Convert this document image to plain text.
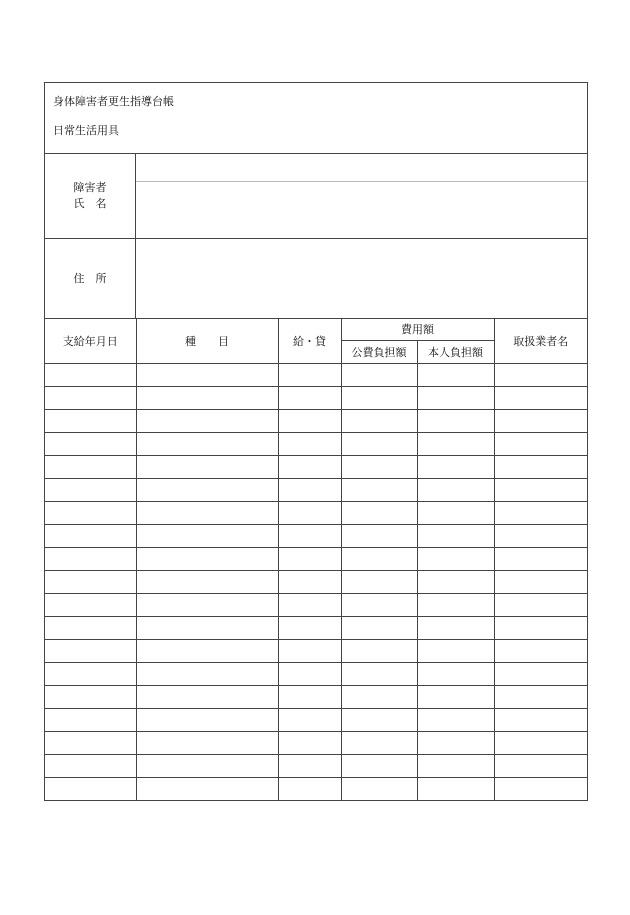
身体障害者更生指導台帳
日常生活用具
障害者
氏　名
住　所
支給年月日	種　　目	給・貸	費用額		取扱業者名
			公費負担額	本人負担額	
